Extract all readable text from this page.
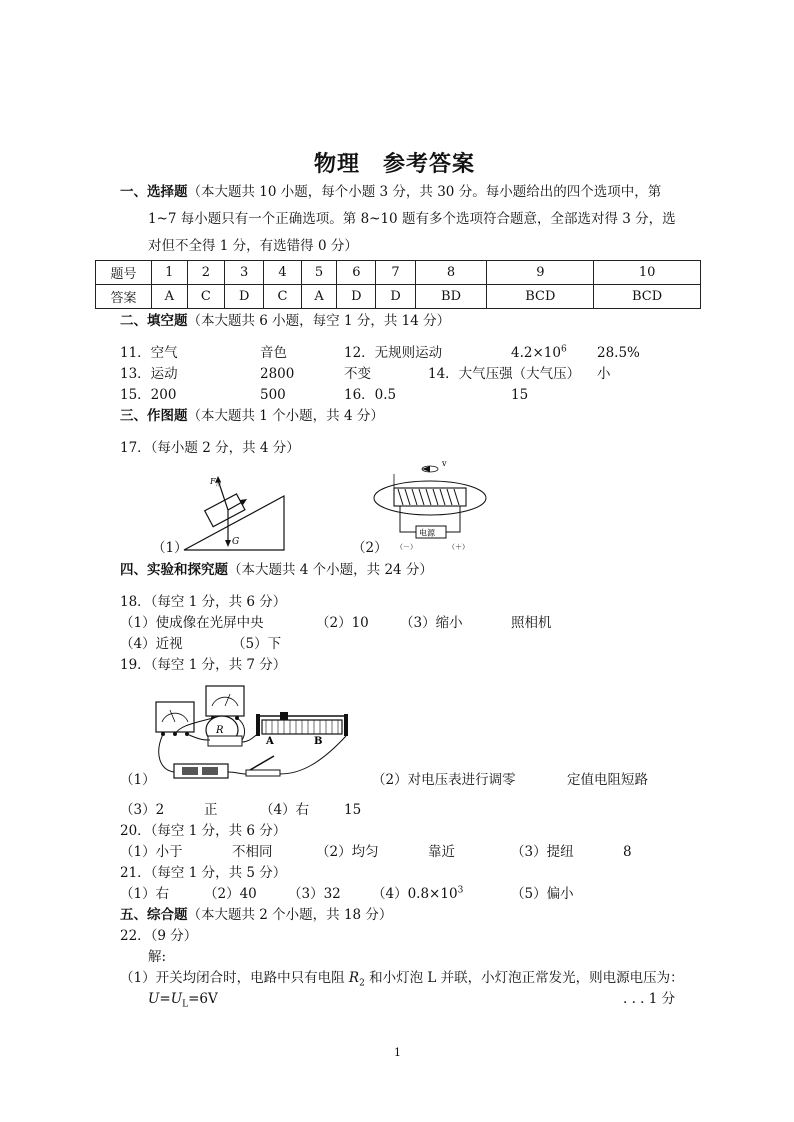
物理　参考答案
一、选择题（本大题共 10 小题，每个小题 3 分，共 30 分。每小题给出的四个选项中，第
1~7 每小题只有一个正确选项。第 8~10 题有多个选项符合题意，全部选对得 3 分，选
对但不全得 1 分，有选错得 0 分）
题号	1	2	3	4	5	6	7	8	9	10
答案	A	C	D	C	A	D	D	BD	BCD	BCD
二、填空题（本大题共 6 小题，每空 1 分，共 14 分）
11．空气	音色	12．无规则运动	$4.2\times 10^6$ 28.5%
13．运动	2800	不变	14．大气压强（大气压） 小
15．200	500	16．0.5	15
三、作图题（本大题共 1 个小题，共 4 分）
17．（每小题 2 分，共 4 分）
（1）
$F_浮$
G	（2）
电源
（－）	（＋）
v
四、实验和探究题（本大题共 4 个小题，共 24 分）
18．（每空 1 分，共 6 分）
（1）使成像在光屏中央	（2）10 （3）缩小	照相机
（4）近视	（5）下
19．（每空 1 分，共 7 分）
R
A	B
（1）	（2）对电压表进行调零	定值电阻短路
（3）2	正	（4）右	15
20．（每空 1 分，共 6 分）
（1）小于	不相同	（2）均匀	靠近	（3）提纽	8
21．（每空 1 分，共 5 分）
（1）右	（2）40 （3）32 $(4)0.8\times 10^3$	（5）偏小
五、综合题（本大题共 2 个小题，共 18 分）
22．（9 分）
解:
（1）开关均闭合时，电路中只有电阻 $R_2$ 和小灯泡 L 并联，小灯泡正常发光，则电源电压为：
$U=U_L=6V$	. . . 1 分
1
